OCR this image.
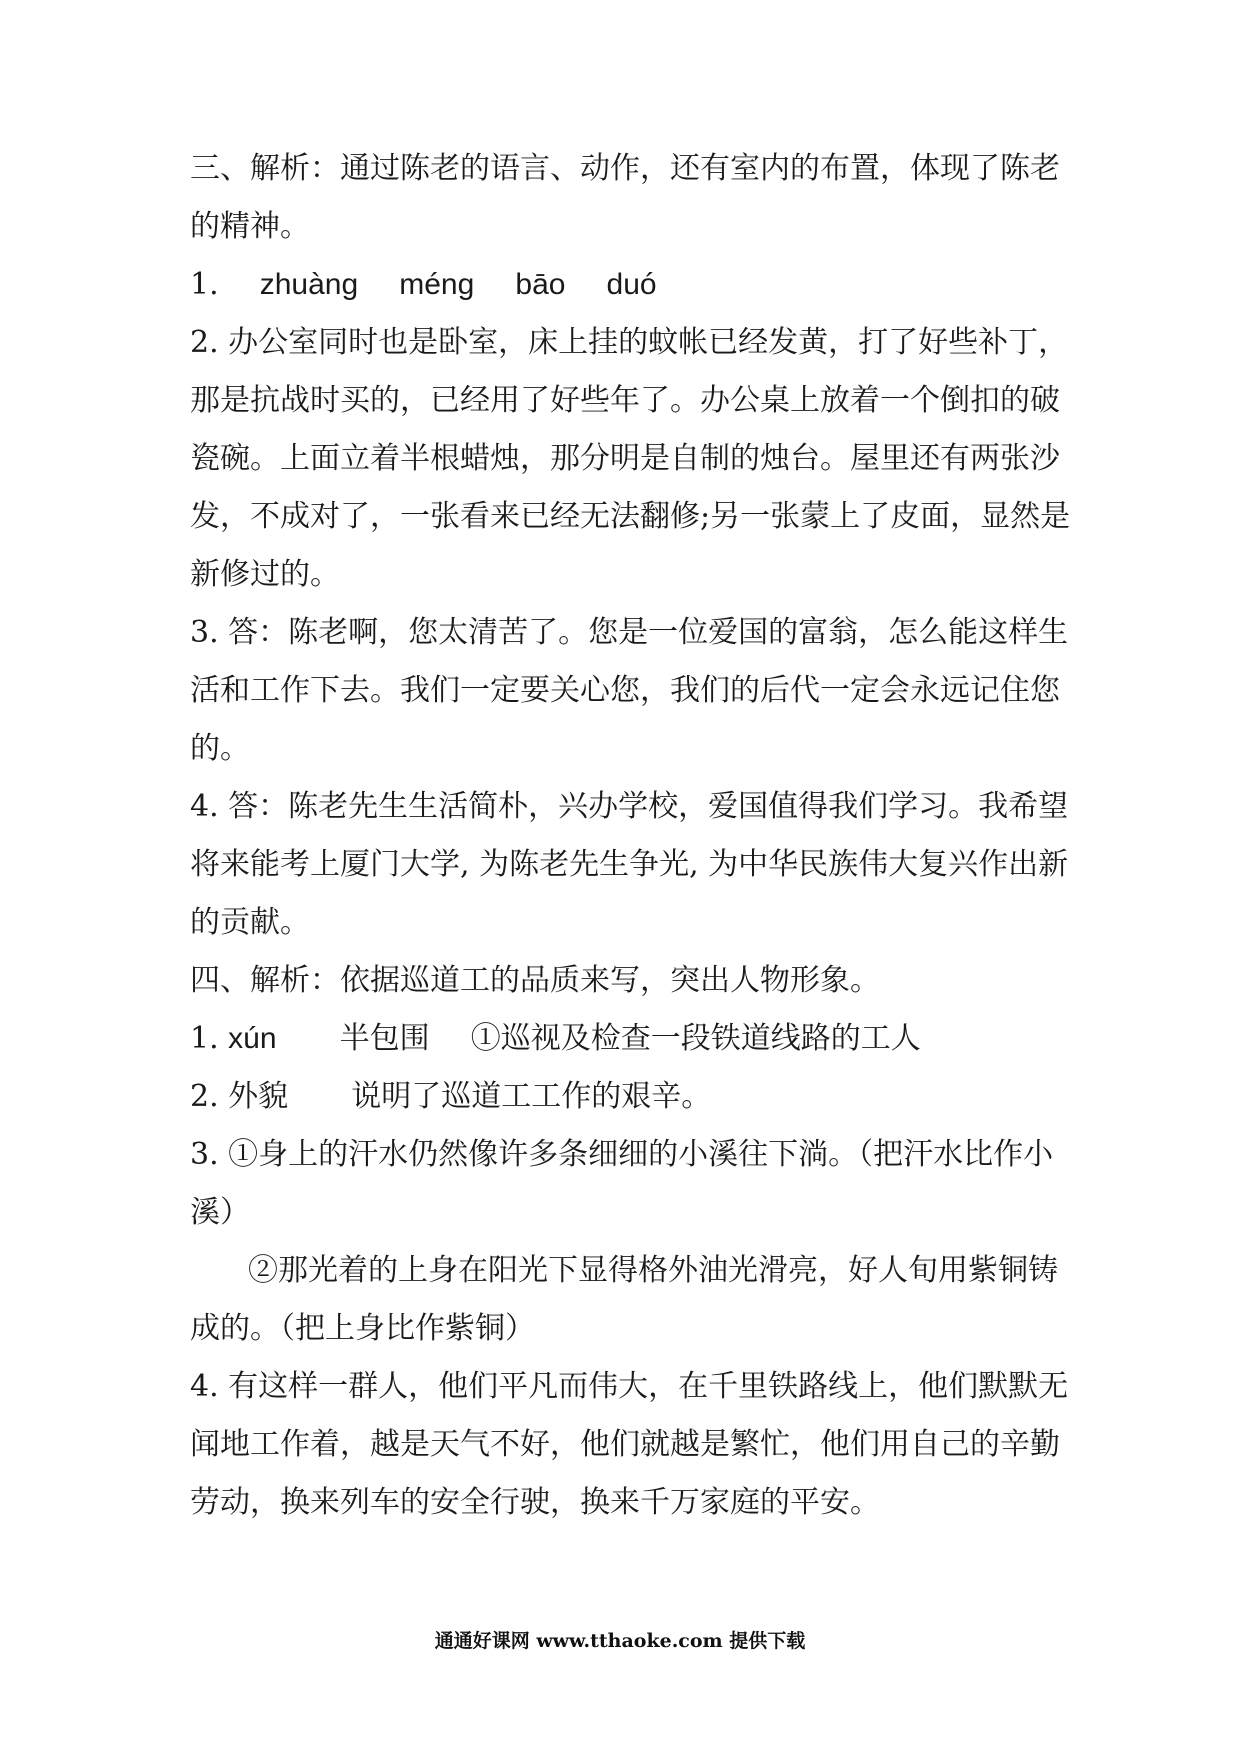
三、解析：通过陈老的语言、动作，还有室内的布置，体现了陈老
的精神。
1. zhuàng méng bāo duó
2. 办公室同时也是卧室，床上挂的蚊帐已经发黄，打了好些补丁，
那是抗战时买的，已经用了好些年了。办公桌上放着一个倒扣的破
瓷碗。上面立着半根蜡烛，那分明是自制的烛台。屋里还有两张沙
发，不成对了，一张看来已经无法翻修;另一张蒙上了皮面，显然是
新修过的。
3. 答：陈老啊，您太清苦了。您是一位爱国的富翁，怎么能这样生
活和工作下去。我们一定要关心您，我们的后代一定会永远记住您
的。
4. 答：陈老先生生活简朴，兴办学校，爱国值得我们学习。我希望
将来能考上厦门大学, 为陈老先生争光, 为中华民族伟大复兴作出新
的贡献。
四、解析：依据巡道工的品质来写，突出人物形象。
1. xún 半包围 ①巡视及检查一段铁道线路的工人
2. 外貌 说明了巡道工工作的艰辛。
3. ①身上的汗水仍然像许多条细细的小溪往下淌。（把汗水比作小
溪）
②那光着的上身在阳光下显得格外油光滑亮，好人旬用紫铜铸
成的。（把上身比作紫铜）
4. 有这样一群人，他们平凡而伟大，在千里铁路线上，他们默默无
闻地工作着，越是天气不好，他们就越是繁忙，他们用自己的辛勤
劳动，换来列车的安全行驶，换来千万家庭的平安。
通通好课网 www.tthaoke.com 提供下载
